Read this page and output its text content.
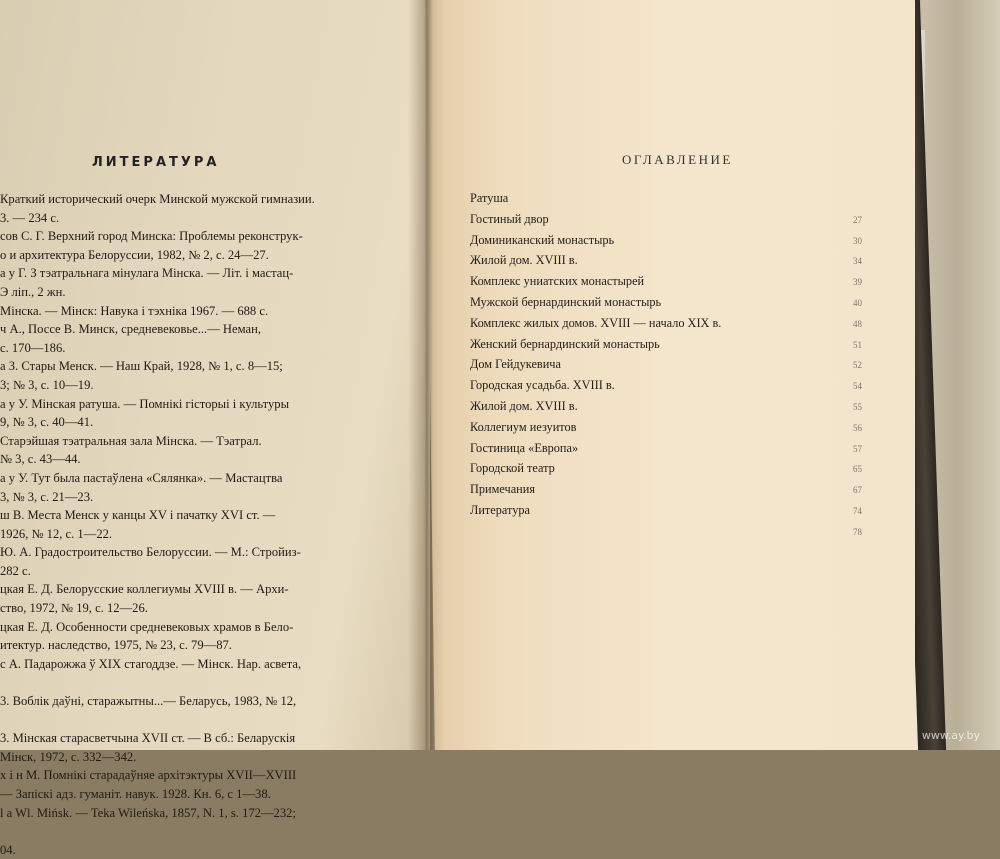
ЛИТЕРАТУРА
Краткий исторический очерк Минской мужской гимназии.
3. — 234 с.
сов С. Г. Верхний город Минска: Проблемы реконструк-
о и архитектура Белоруссии, 1982, № 2, с. 24—27.
а у Г. З тэатральнага мінулага Мінска. — Літ. і мастац-
Э ліп., 2 жн.
Мінска. — Мінск: Навука і тэхніка 1967. — 688 с.
ч А., Поссе В. Минск, средневековье...— Неман,
с. 170—186.
а З. Стары Менск. — Наш Край, 1928, № 1, с. 8—15;
3; № 3, с. 10—19.
а у У. Мінская ратуша. — Помнікі гісторыі і культуры
9, № 3, с. 40—41.
Старэйшая тэатральная зала Мінска. — Тэатрал.
№ 3, с. 43—44.
а у У. Тут была пастаўлена «Сялянка». — Мастацтва
3, № 3, с. 21—23.
ш В. Места Менск у канцы XV і пачатку XVI ст. —
1926, № 12, с. 1—22.
Ю. А. Градостроительство Белоруссии. — М.: Стройиз-
282 с.
цкая Е. Д. Белорусские коллегиумы XVIII в. — Архи-
ство, 1972, № 19, с. 12—26.
цкая Е. Д. Особенности средневековых храмов в Бело-
итектур. наследство, 1975, № 23, с. 79—87.
с А. Падарожжа ў XIX стагоддзе. — Мінск. Нар. асвета,

3. Воблік даўні, старажытны...— Беларусь, 1983, № 12,

3. Мінская старасветчына XVII ст. — В сб.: Беларускія
Мінск, 1972, с. 332—342.
х і н М. Помнікі старадаўняе архітэктуры XVII—XVIII
— Запіскі адз. гуманіт. навук. 1928. Кн. 6, с 1—38.
l a Wl. Mińsk. — Teka Wileńska, 1857, N. 1, s. 172—232;

04.
ОГЛАВЛЕНИЕ
Ратуша
Гостиный двор	27
Доминиканский монастырь	30
Жилой дом. XVIII в.	34
Комплекс униатских монастырей	39
Мужской бернардинский монастырь	40
Комплекс жилых домов. XVIII — начало XIX в.	48
Женский бернардинский монастырь	51
Дом Гейдукевича	52
Городская усадьба. XVIII в.	54
Жилой дом. XVIII в.	55
Коллегиум иезуитов	56
Гостиница «Европа»	57
Городской театр	65
Примечания	67
Литература	74
78
www.ay.by
